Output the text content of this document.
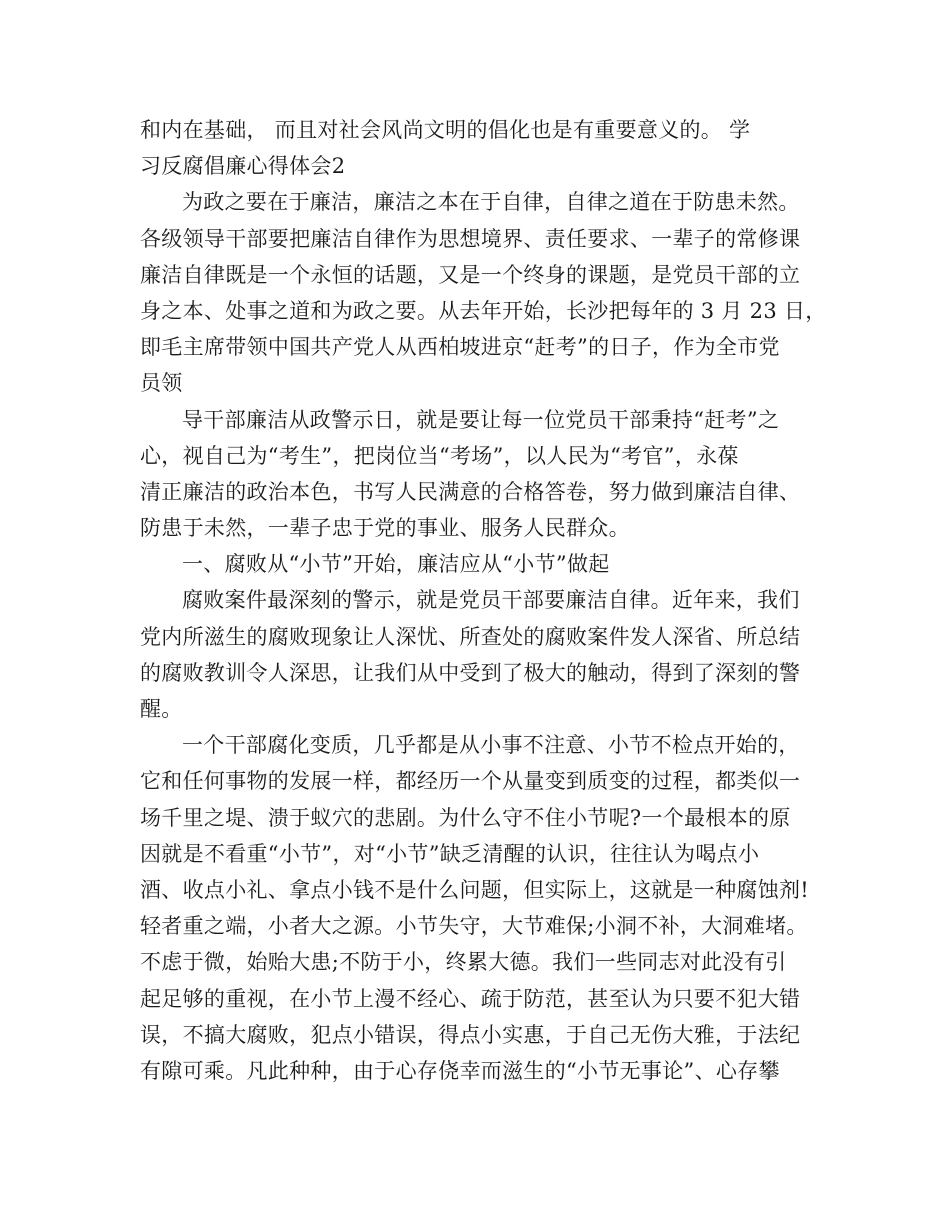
和内在基础， 而且对社会风尚文明的倡化也是有重要意义的。 学
习反腐倡廉心得体会2
为政之要在于廉洁，廉洁之本在于自律，自律之道在于防患未然。
各级领导干部要把廉洁自律作为思想境界、责任要求、一辈子的常修课
廉洁自律既是一个永恒的话题，又是一个终身的课题，是党员干部的立
身之本、处事之道和为政之要。从去年开始，长沙把每年的 3 月 23 日，
即毛主席带领中国共产党人从西柏坡进京“赶考”的日子，作为全市党
员领
导干部廉洁从政警示日，就是要让每一位党员干部秉持“赶考”之
心，视自己为“考生”，把岗位当“考场”，以人民为“考官”，永葆
清正廉洁的政治本色，书写人民满意的合格答卷，努力做到廉洁自律、
防患于未然，一辈子忠于党的事业、服务人民群众。
一、腐败从“小节”开始，廉洁应从“小节”做起
腐败案件最深刻的警示，就是党员干部要廉洁自律。近年来，我们
党内所滋生的腐败现象让人深忧、所查处的腐败案件发人深省、所总结
的腐败教训令人深思，让我们从中受到了极大的触动，得到了深刻的警
醒。
一个干部腐化变质，几乎都是从小事不注意、小节不检点开始的，
它和任何事物的发展一样，都经历一个从量变到质变的过程，都类似一
场千里之堤、溃于蚁穴的悲剧。为什么守不住小节呢?一个最根本的原
因就是不看重“小节”，对“小节”缺乏清醒的认识，往往认为喝点小
酒、收点小礼、拿点小钱不是什么问题，但实际上，这就是一种腐蚀剂!
轻者重之端，小者大之源。小节失守，大节难保;小洞不补，大洞难堵。
不虑于微，始贻大患;不防于小，终累大德。我们一些同志对此没有引
起足够的重视，在小节上漫不经心、疏于防范，甚至认为只要不犯大错
误，不搞大腐败，犯点小错误，得点小实惠，于自己无伤大雅，于法纪
有隙可乘。凡此种种，由于心存侥幸而滋生的“小节无事论”、心存攀
